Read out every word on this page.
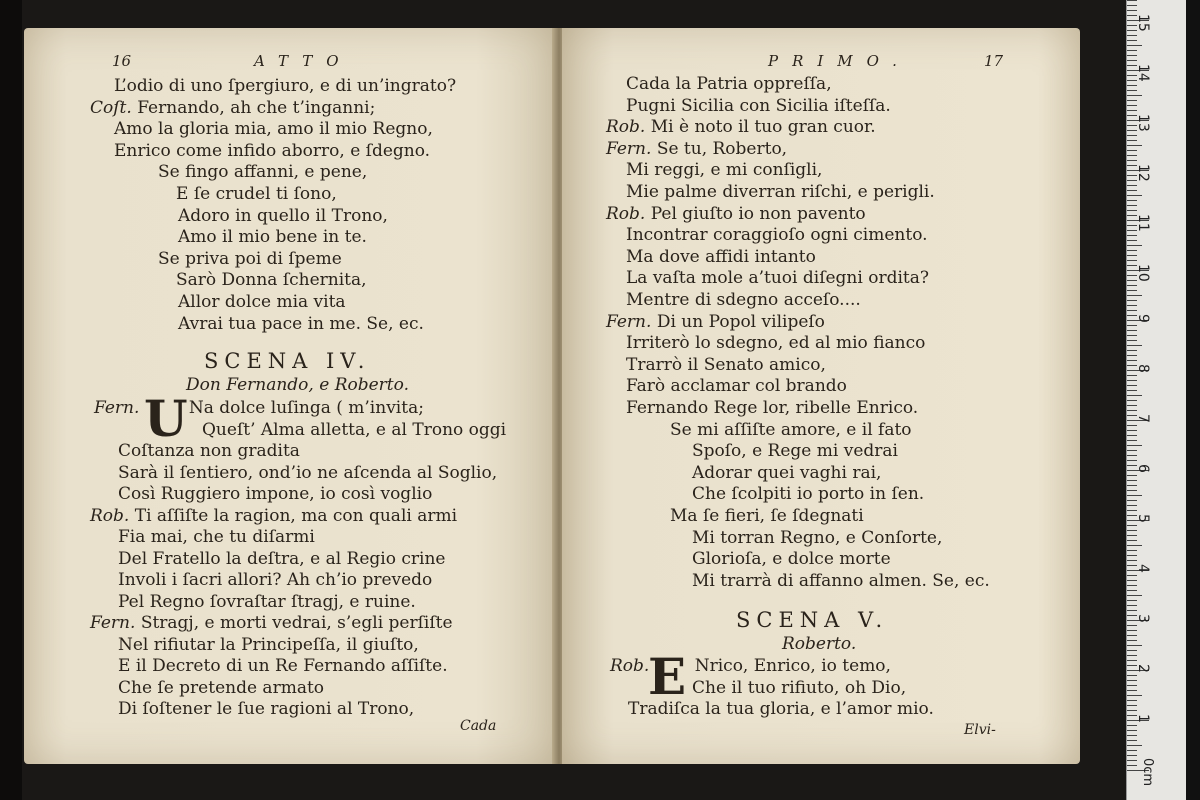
16	ATTO
L’odio di uno ſpergiuro, e di un’ingrato?
Coſt. Fernando, ah che t’inganni;
Amo la gloria mia, amo il mio Regno,
Enrico come infido aborro, e ſdegno.
Se fingo affanni, e pene,
E ſe crudel ti ſono,
Adoro in quello il Trono,
Amo il mio bene in te.
Se priva poi di ſpeme
Sarò Donna ſchernita,
Allor dolce mia vita
Avrai tua pace in me. Se, ec.
SCENA IV.
Don Fernando, e Roberto.
U
Fern.	Na dolce luſinga ( m’invita;
Queſt’ Alma alletta, e al Trono oggi
Coſtanza non gradita
Sarà il ſentiero, ond’io ne aſcenda al Soglio,
Così Ruggiero impone, io così voglio
Rob. Ti aſſiſte la ragion, ma con quali armi
Fia mai, che tu diſarmi
Del Fratello la deſtra, e al Regio crine
Involi i ſacri allori? Ah ch’io prevedo
Pel Regno ſovraſtar ſtragj, e ruine.
Fern. Stragj, e morti vedrai, s’egli perſiſte
Nel rifiutar la Principeſſa, il giuſto,
E il Decreto di un Re Fernando aſſiſte.
Che ſe pretende armato
Di ſoſtener le ſue ragioni al Trono,
Cada
PRIMO.	17
Cada la Patria oppreſſa,
Pugni Sicilia con Sicilia iſteſſa.
Rob. Mi è noto il tuo gran cuor.
Fern. Se tu, Roberto,
Mi reggi, e mi conſigli,
Mie palme diverran riſchi, e perigli.
Rob. Pel giuſto io non pavento
Incontrar coraggioſo ogni cimento.
Ma dove affidi intanto
La vaſta mole a’tuoi diſegni ordita?
Mentre di sdegno acceſo....
Fern. Di un Popol vilipeſo
Irriterò lo sdegno, ed al mio fianco
Trarrò il Senato amico,
Farò acclamar col brando
Fernando Rege lor, ribelle Enrico.
Se mi aſſiſte amore, e il fato
Spoſo, e Rege mi vedrai
Adorar quei vaghi rai,
Che ſcolpiti io porto in ſen.
Ma ſe fieri, ſe ſdegnati
Mi torran Regno, e Conſorte,
Glorioſa, e dolce morte
Mi trarrà di affanno almen. Se, ec.
SCENA V.
Roberto.
E
Rob.	Nrico, Enrico, io temo,
Che il tuo rifiuto, oh Dio,
Tradiſca la tua gloria, e l’amor mio.
Elvi-
15
14
13
12
11
10
9
8
7
6
5
4
3
2
1
0cm
